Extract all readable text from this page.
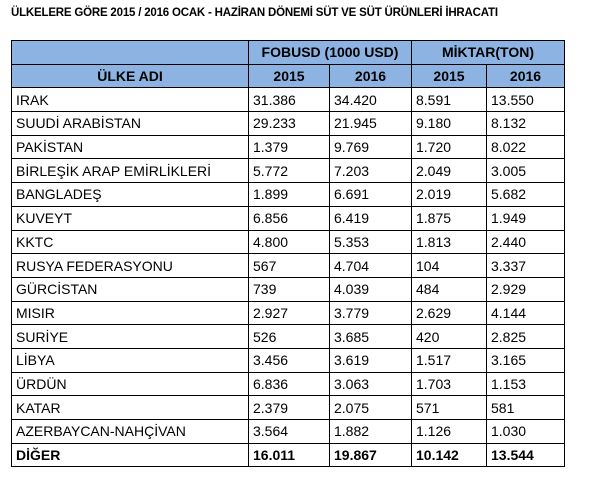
ÜLKELERE GÖRE 2015 / 2016 OCAK - HAZİRAN DÖNEMİ SÜT VE SÜT ÜRÜNLERİ İHRACATI
	FOBUSD (1000 USD)		MİKTAR(TON)	
ÜLKE ADI	2015	2016	2015	2016
IRAK	31.386	34.420	8.591	13.550
SUUDİ ARABİSTAN	29.233	21.945	9.180	8.132
PAKİSTAN	1.379	9.769	1.720	8.022
BİRLEŞİK ARAP EMİRLİKLERİ	5.772	7.203	2.049	3.005
BANGLADEŞ	1.899	6.691	2.019	5.682
KUVEYT	6.856	6.419	1.875	1.949
KKTC	4.800	5.353	1.813	2.440
RUSYA FEDERASYONU	567	4.704	104	3.337
GÜRCİSTAN	739	4.039	484	2.929
MISIR	2.927	3.779	2.629	4.144
SURİYE	526	3.685	420	2.825
LİBYA	3.456	3.619	1.517	3.165
ÜRDÜN	6.836	3.063	1.703	1.153
KATAR	2.379	2.075	571	581
AZERBAYCAN-NAHÇİVAN	3.564	1.882	1.126	1.030
DİĞER	16.011	19.867	10.142	13.544
